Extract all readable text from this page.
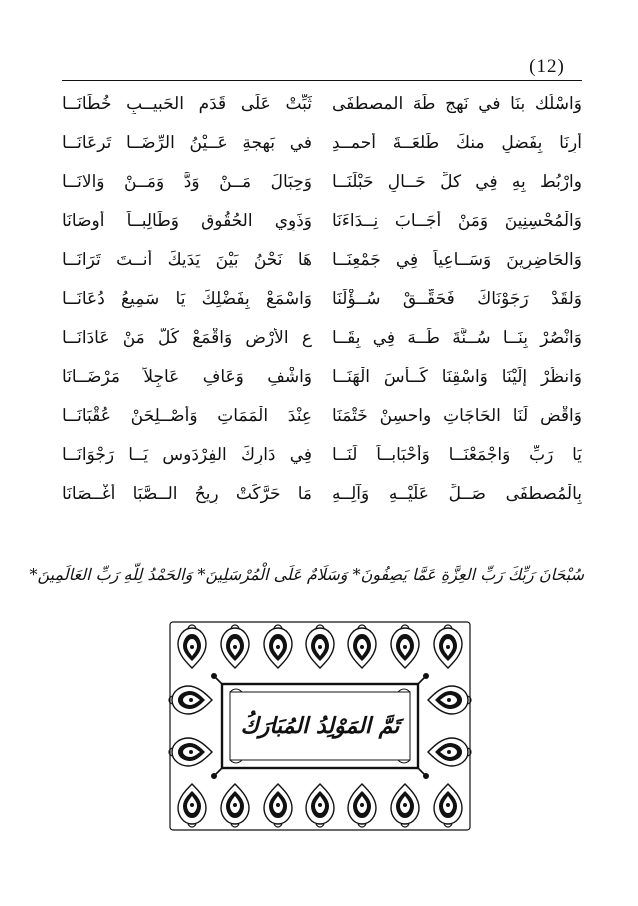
(12)
وَاسْلُك بنَا في نَهجِ طَهَ المصطفَى
ثَبِّتْ عَلَى قَدَمِ الحَبيــبِ خُطَانَــا
أَرِنَا بِفَضلٍ منكَ طَلعَــةَ أحمــدِ
في بَهجةِ عَــيْنُ الرِّضَــا تَرعَانَــا
وارْبُط بِهِ فِي كلِّ حَــالٍ حَبْلَنَــا
وَحِبَالَ مَــنْ وَدَّ وَمَــنْ وَالانَــا
وَالْمُحْسِنِينَ وَمَنْ أَجَــابَ نِــدَاءَنَا
وَذَوِي الحُقُوقِ وَطَالِبــاً أَوصَانَا
وَالحَاضِرِينَ وَسَــاعِياً فِي جَمْعِنَــا
هَا نَحْنُ بَيْنَ يَدَيكَ أَنــتَ تَرَانَــا
وَلقَدْ رَجَوْنَاكَ فَحَقِّــقْ سُــؤْلَنَا
وَاسْمَعْ بِفَضْلِكَ يَا سَمِيعُ دُعَانَــا
وَانْصُرْ بِنَــا سُــنَّةَ طَــهَ فِي بِقَــا
عِ الأَرْضِ وَاقْمَعْ كُلَّ مَنْ عَادَانَــا
وَانظُرْ إِلَيْنَا وَاسْقِنَا كَــأْسَ الْهَنَــا
وَاشْفِ وَعَافِ عَاجِلاً مَرْضَــانَا
وَاقْضِ لَنَا الحَاجَاتِ واحسِنْ خَتْمَنَا
عِنْدَ الْمَمَاتِ وَأَصْــلِحَنْ عُقْبَانَــا
يَا رَبِّ وَاجْمَعْنَــا وَأَحْبَابــاً لَنَــا
فِي دَارِكَ الفِرْدَوسِ يَــا رَجْوَانَــا
بِالْمُصطفَى صَــلِّ عَلَيْــهِ وَآلِــهِ
مَا حَرَّكَتْ رِيحُ الــصَّبَا أَغْــصَانَا
سُبْحَانَ رَبِّكَ رَبِّ العِزَّةِ عَمَّا يَصِفُونَ* وَسَلَامٌ عَلَى الْمُرْسَلِينَ* وَالحَمْدُ لِلّهِ رَبِّ العَالَمِينَ*
تَمَّ المَوْلِدُ المُبَارَكُ
